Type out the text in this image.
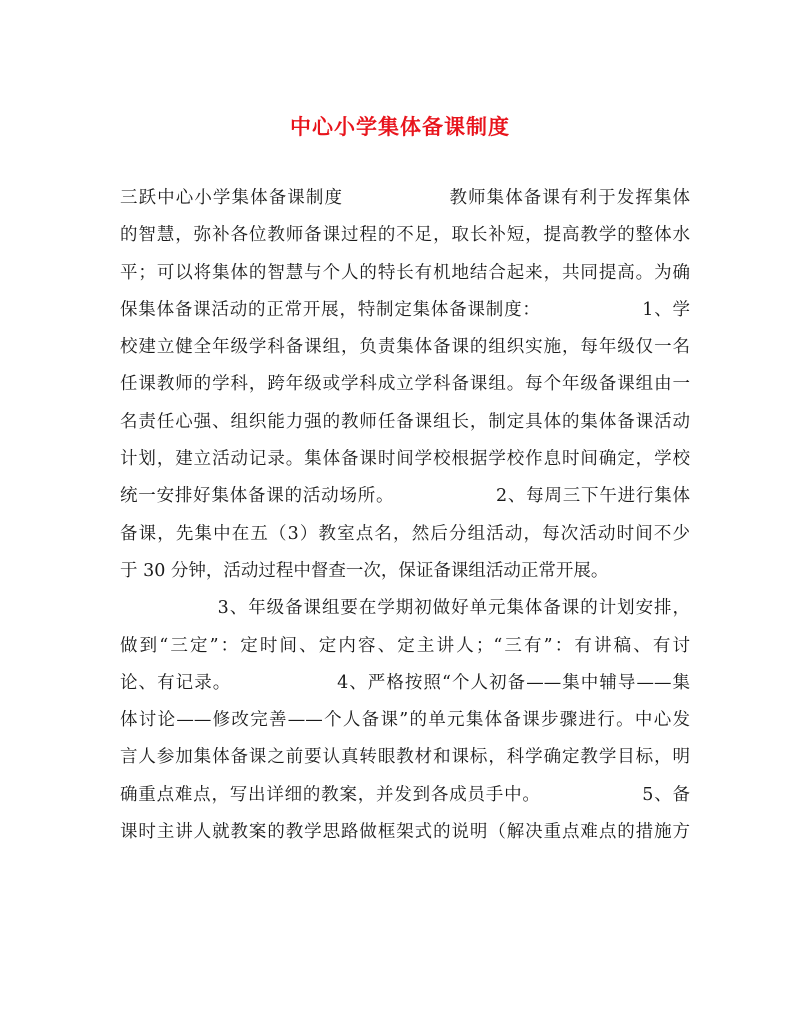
中心小学集体备课制度
三跃中心小学集体备课制度                教师集体备课有利于发挥集体
的智慧，弥补各位教师备课过程的不足，取长补短，提高教学的整体水
平；可以将集体的智慧与个人的特长有机地结合起来，共同提高。为确
保集体备课活动的正常开展，特制定集体备课制度：                1、学
校建立健全年级学科备课组，负责集体备课的组织实施，每年级仅一名
任课教师的学科，跨年级或学科成立学科备课组。每个年级备课组由一
名责任心强、组织能力强的教师任备课组长，制定具体的集体备课活动
计划，建立活动记录。集体备课时间学校根据学校作息时间确定，学校
统一安排好集体备课的活动场所。                2、每周三下午进行集体
备课，先集中在五（3）教室点名，然后分组活动，每次活动时间不少
于 30 分钟，活动过程中督查一次，保证备课组活动正常开展。
3、年级备课组要在学期初做好单元集体备课的计划安排，
做到“三定”：定时间、定内容、定主讲人；“三有”：有讲稿、有讨
论、有记录。                4、严格按照“个人初备——集中辅导——集
体讨论——修改完善——个人备课”的单元集体备课步骤进行。中心发
言人参加集体备课之前要认真转眼教材和课标，科学确定教学目标，明
确重点难点，写出详细的教案，并发到各成员手中。                5、备
课时主讲人就教案的教学思路做框架式的说明（解决重点难点的措施方
